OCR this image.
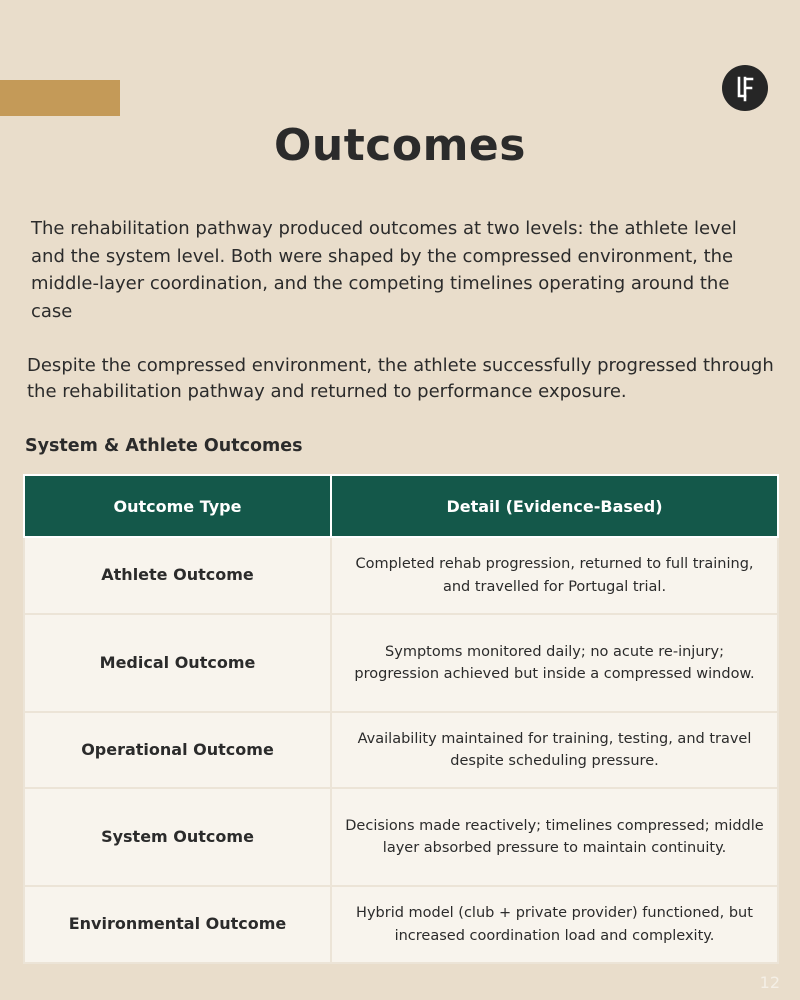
Outcomes

The rehabilitation pathway produced outcomes at two levels: the athlete level and the system level. Both were shaped by the compressed environment, the middle-layer coordination, and the competing timelines operating around the case

Despite the compressed environment, the athlete successfully progressed through the rehabilitation pathway and returned to performance exposure.

System & Athlete Outcomes
Outcome Type	Detail (Evidence-Based)
Athlete Outcome	Completed rehab progression, returned to full training, and travelled for Portugal trial.
Medical Outcome	Symptoms monitored daily; no acute re-injury; progression achieved but inside a compressed window.
Operational Outcome	Availability maintained for training, testing, and travel despite scheduling pressure.
System Outcome	Decisions made reactively; timelines compressed; middle layer absorbed pressure to maintain continuity.
Environmental Outcome	Hybrid model (club + private provider) functioned, but increased coordination load and complexity.
12
